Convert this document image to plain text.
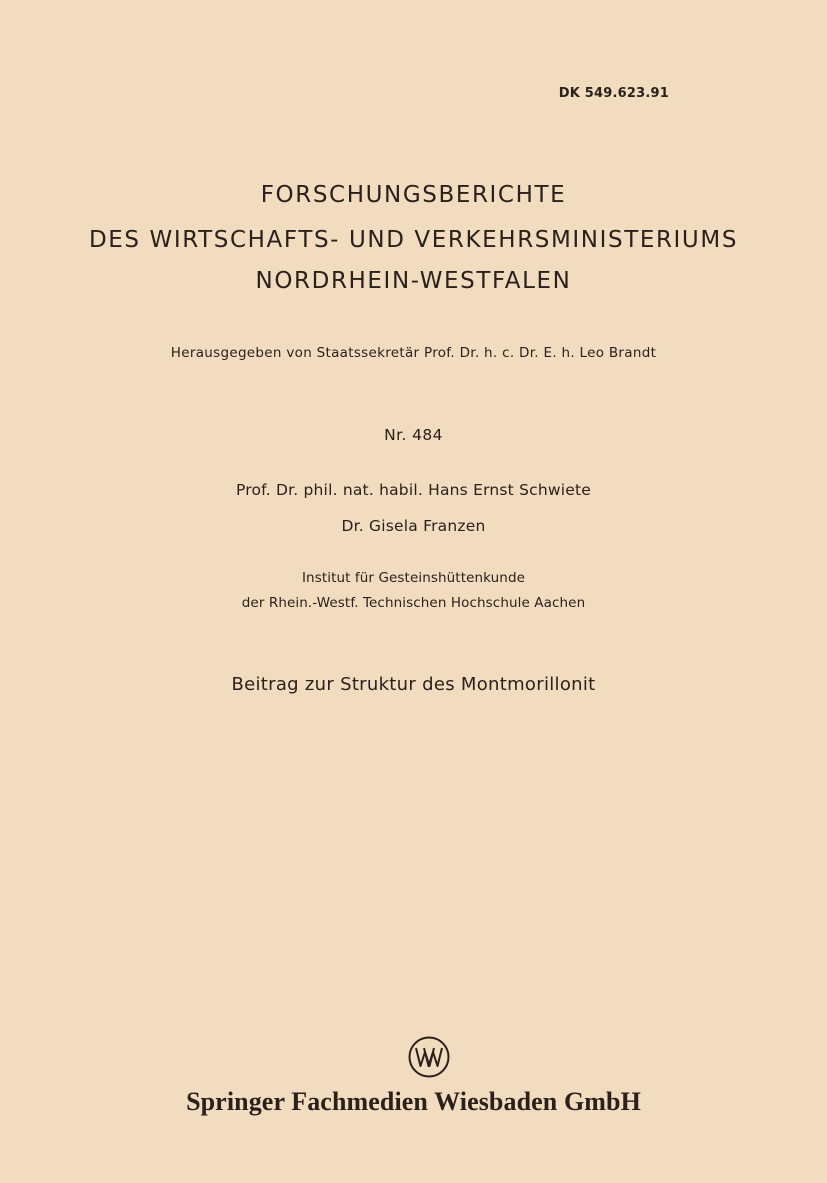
DK 549.623.91
FORSCHUNGSBERICHTE
DES WIRTSCHAFTS- UND VERKEHRSMINISTERIUMS
NORDRHEIN-WESTFALEN
Herausgegeben von Staatssekretär Prof. Dr. h. c. Dr. E. h. Leo Brandt
Nr. 484
Prof. Dr. phil. nat. habil. Hans Ernst Schwiete
Dr. Gisela Franzen
Institut für Gesteinshüttenkunde
der Rhein.-Westf. Technischen Hochschule Aachen
Beitrag zur Struktur des Montmorillonit
Springer Fachmedien Wiesbaden GmbH
